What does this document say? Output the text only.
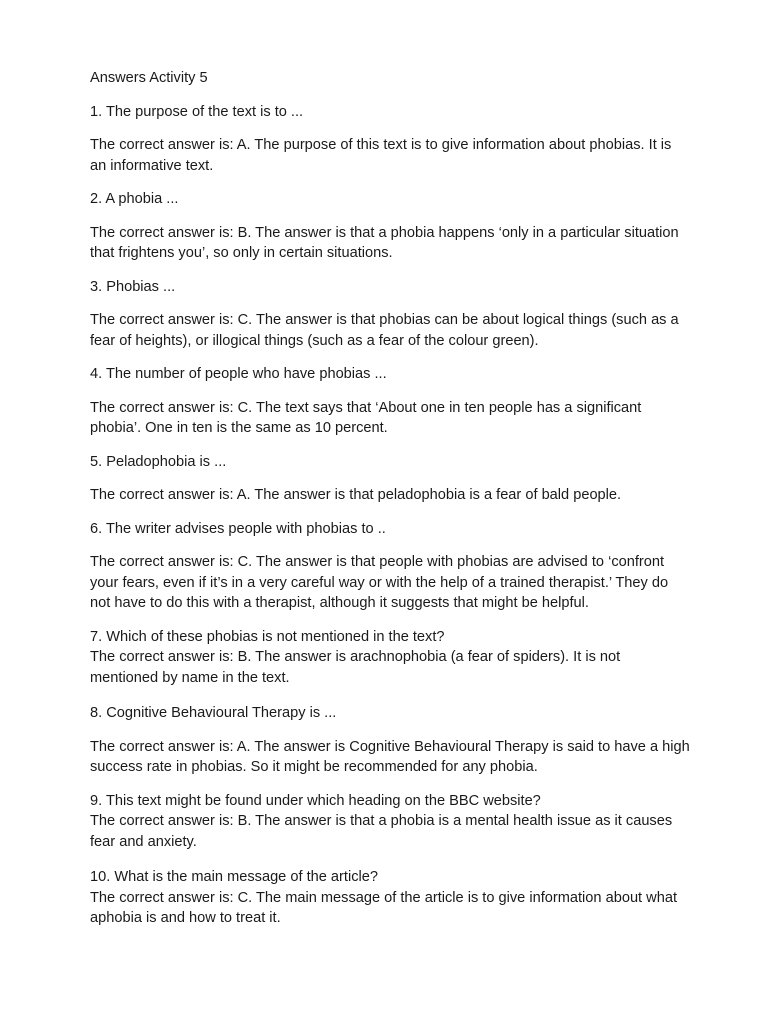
Answers Activity 5

1. The purpose of the text is to ...

The correct answer is: A. The purpose of this text is to give information about phobias. It is an informative text.

2. A phobia ...

The correct answer is: B. The answer is that a phobia happens ‘only in a particular situation that frightens you’, so only in certain situations.

3. Phobias ...

The correct answer is: C. The answer is that phobias can be about logical things (such as a fear of heights), or illogical things (such as a fear of the colour green).

4. The number of people who have phobias ...

The correct answer is: C. The text says that ‘About one in ten people has a significant phobia’. One in ten is the same as 10 percent.

5. Peladophobia is ...

The correct answer is: A. The answer is that peladophobia is a fear of bald people.

6. The writer advises people with phobias to ..

The correct answer is: C. The answer is that people with phobias are advised to ‘confront your fears, even if it’s in a very careful way or with the help of a trained therapist.’ They do not have to do this with a therapist, although it suggests that might be helpful.

7. Which of these phobias is not mentioned in the text?

The correct answer is: B. The answer is arachnophobia (a fear of spiders). It is not mentioned by name in the text.

8. Cognitive Behavioural Therapy is ...

The correct answer is: A. The answer is Cognitive Behavioural Therapy is said to have a high success rate in phobias. So it might be recommended for any phobia.

9. This text might be found under which heading on the BBC website?

The correct answer is: B. The answer is that a phobia is a mental health issue as it causes fear and anxiety.

10. What is the main message of the article?

The correct answer is: C. The main message of the article is to give information about what aphobia is and how to treat it.
